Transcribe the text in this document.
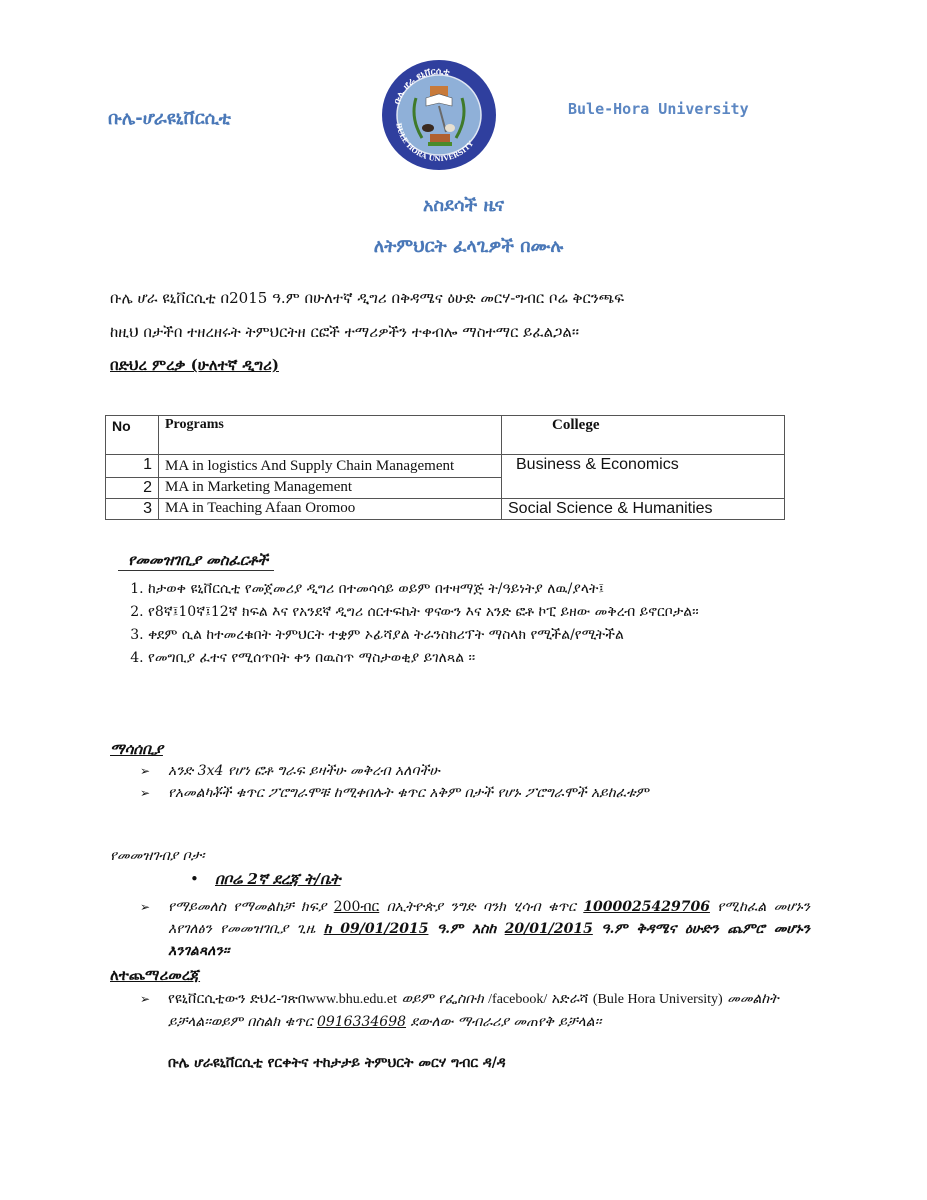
ቡሌ-ሆራዩኒቨርሲቲ
ቡሌ ሆራ ዩኒቨርሲቲ
BULE HORA UNIVERSITY
Bule-Hora University
አስደሳች ዜና
ለትምህርት ፈላጊዎች በሙሉ
ቡሌ ሆራ ዩኒቨርሲቲ በ2015 ዓ.ም በሁለተኛ ዲግሪ በቅዳሜና ዕሁድ መርሃ-ግብር ቦሬ ቅርንጫፍ
ከዚህ በታችበ ተዘረዘሩት ትምህርትዘ ርፎች ተማሪዎችን ተቀብሎ ማስተማር ይፈልጋል፡፡
በድህረ ምረቃ (ሁለተኛ ዲግሪ)
No	Programs	College
1	MA in logistics And Supply Chain Management	Business & Economics
2	MA in Marketing Management	
3	MA in Teaching Afaan Oromoo	Social Science & Humanities
የመመዝገቢያ መስፈርቶች
1. ከታወቀ ዩኒቨርሲቲ የመጀመሪያ ዲግሪ በተመሳሳይ ወይም በተዛማጅ ት/ዓይነትያ ለዉ/ያላት፤
2. የ8ኛ፤10ኛ፤12ኛ ክፍል እና የአንደኛ ዲግሪ ሰርተፍኬት ዋናውን እና አንድ ፎቶ ኮፒ ይዘው መቅረብ ይኖርቦታል፡፡
3. ቀደም ሲል ከተመረቁበት ትምህርት ተቋም ኦፊሻያል ትራንስክሪፕት ማስላክ የሚችል/የሚትችል
4. የመግቢያ ፈተና የሚሰጥበት ቀን በዉስጥ ማስታወቂያ ይገለጻል ፡፡
ማሳሰቢያ
➢ አንድ 3x4 የሆነ ፎቶ ግራፍ ይዛችሁ መቅረብ አለባችሁ
➢ የአመልካቾች ቁጥር ፖሮግራሞቹ ከሚቀበሉት ቁጥር አቅም በታች የሆኑ ፖሮግራሞች አይከፈቱም
የመመዝገብያ ቦታ፡
• በቦሬ 2ኛ ደረጃ ት/ቤት
➢ የማይመለስ የማመልከቻ ክፍያ 200ብር በኢትዮጵያ ንግድ ባንክ ሂሳብ ቁጥር 1000025429706 የሚከፈል መሆኑን እየገለፅን የመመዝገቢያ ጊዜ ከ 09/01/2015 ዓ.ም እስከ 20/01/2015 ዓ.ም ቅዳሜና ዕሁድን ጨምሮ መሆኑን እንገልጻለን፡፡
ለተጨማሪመረጃ
➢ የዩኒቨርሲቲውን ድህረ-ገጽበwww.bhu.edu.et ወይም የፌስቡክ /facebook/ አድራሻ (Bule Hora University) መመልከት ይቻላል፡፡ወይም በስልክ ቁጥር 0916334698 ደውለው ማብራሪያ መጠየቅ ይቻላል፡፡
ቡሌ ሆራዩኒቨርሲቲ የርቀትና ተከታታይ ትምህርት መርሃ ግብር ዳ/ዳ
